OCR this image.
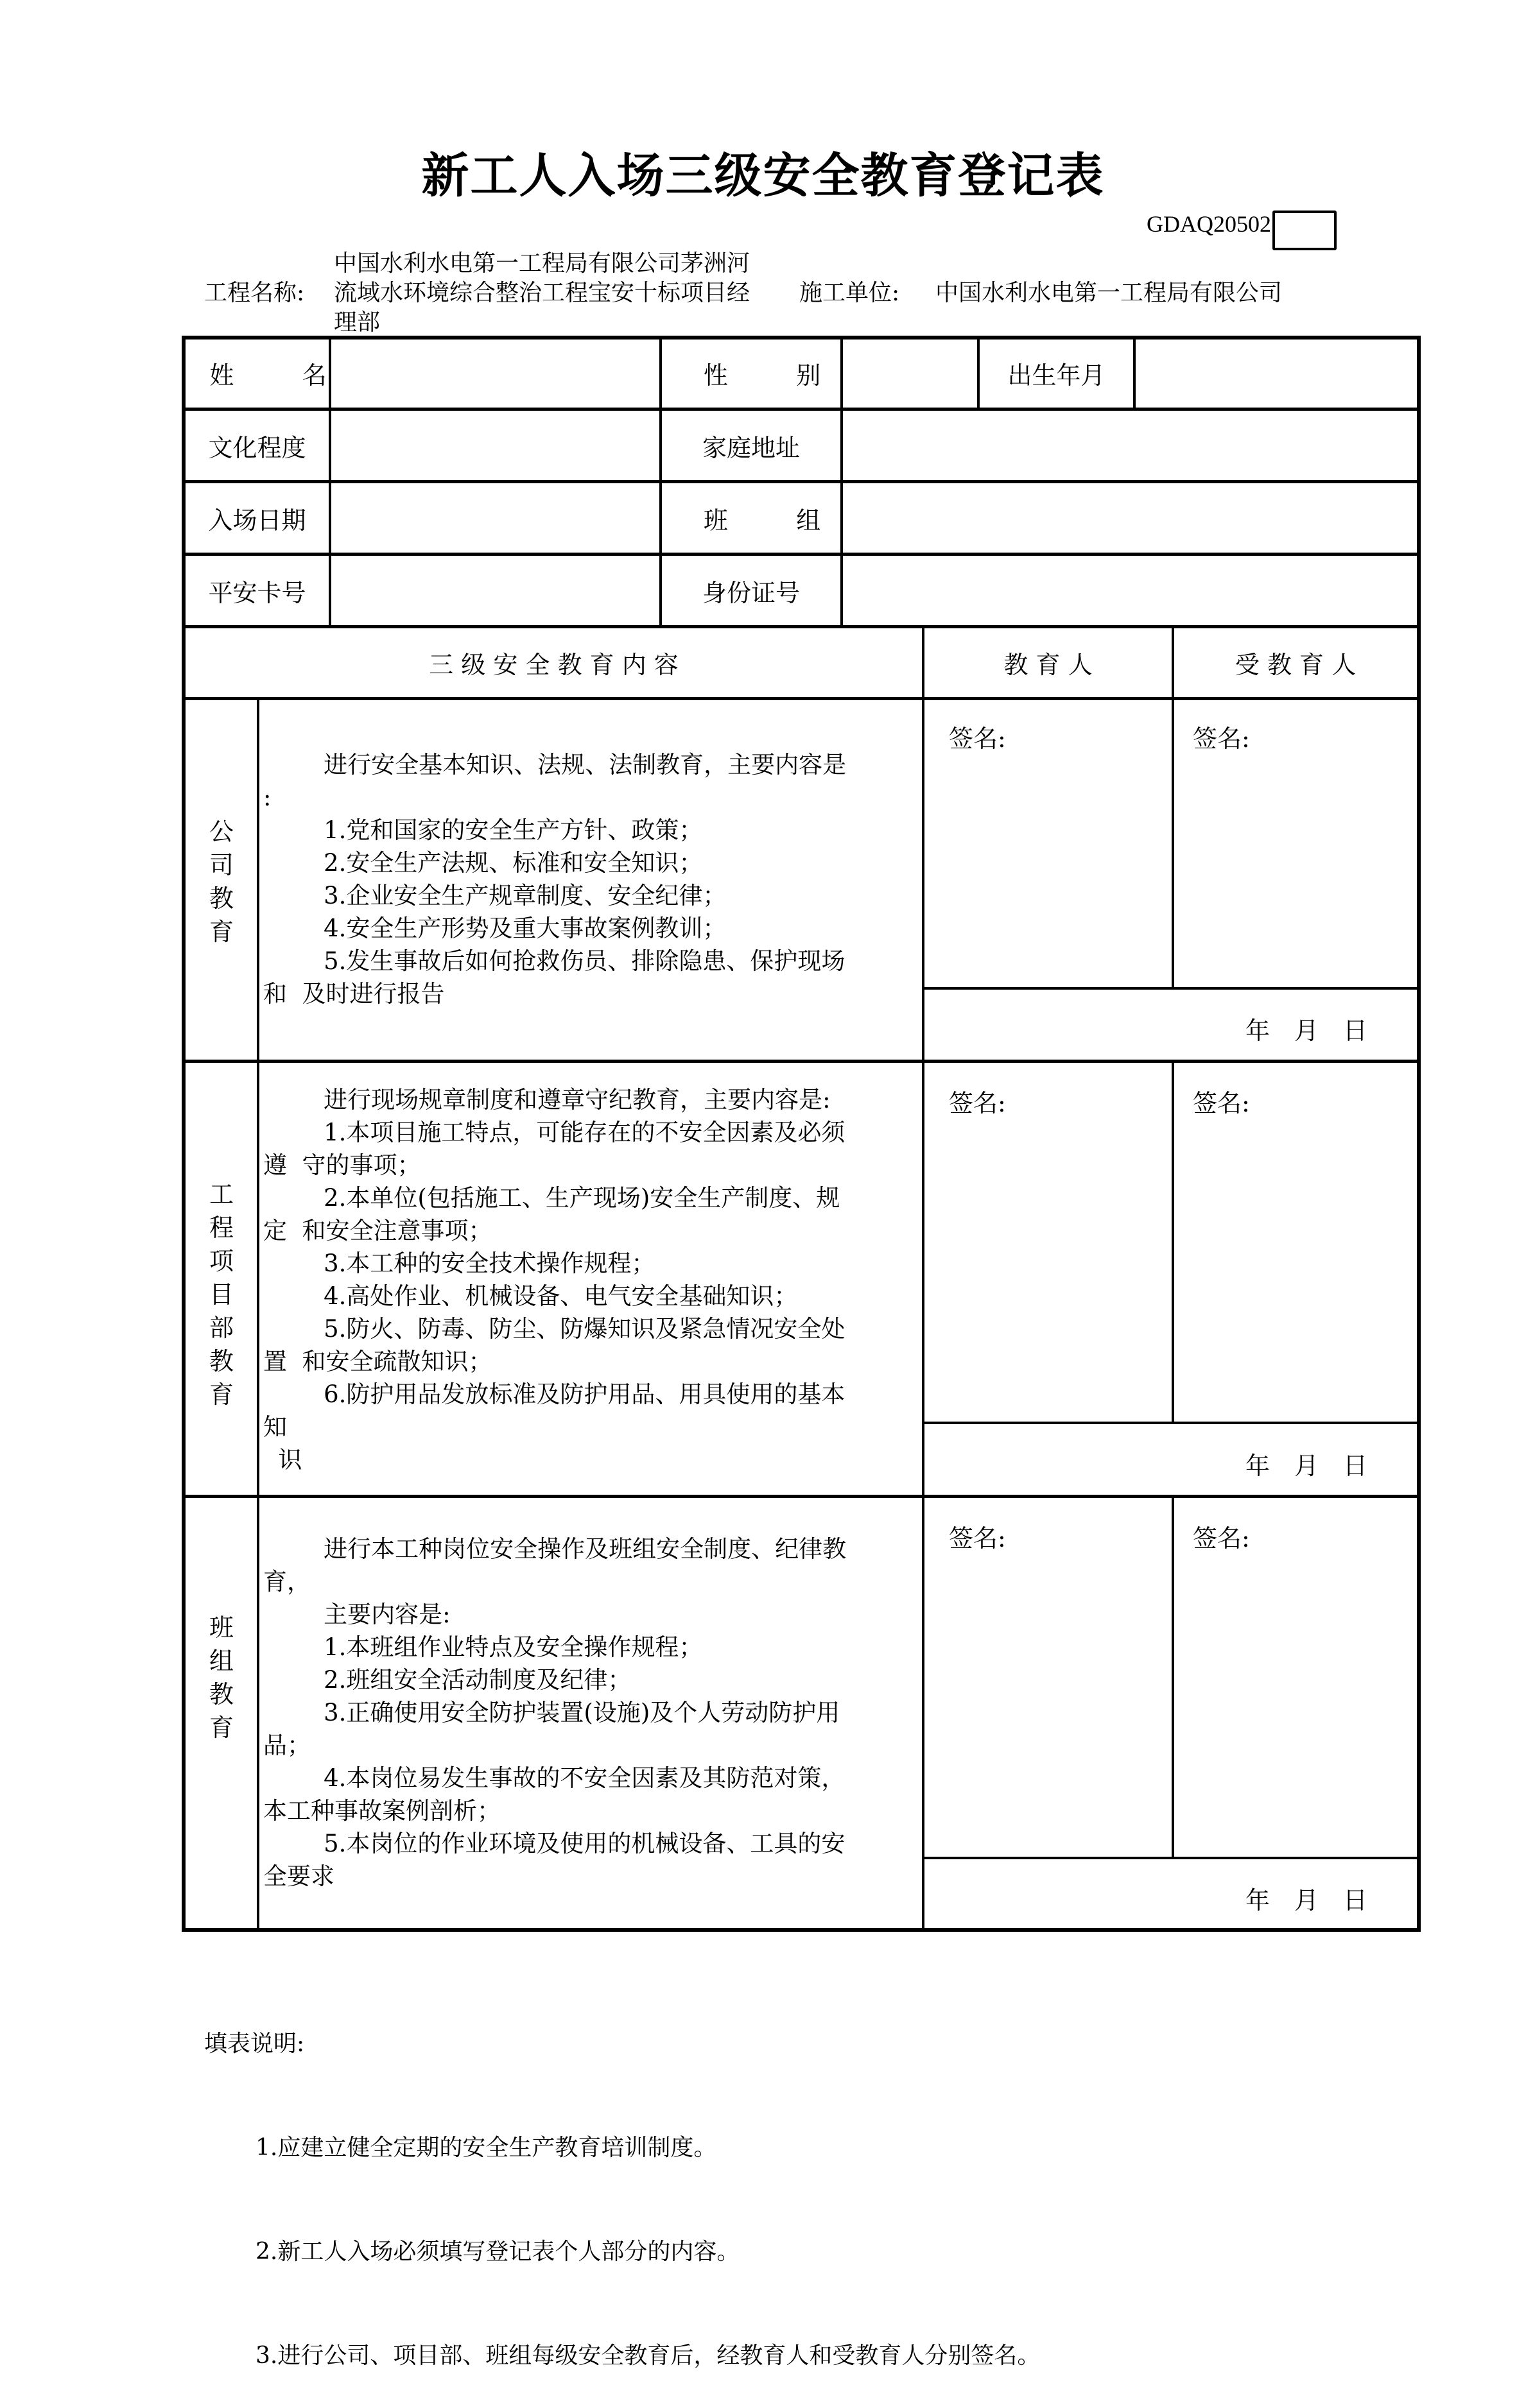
新工人入场三级安全教育登记表
GDAQ20502
工程名称:
中国水利水电第一工程局有限公司茅洲河
流域水环境综合整治工程宝安十标项目经
理部
施工单位: 中国水利水电第一工程局有限公司
姓　名	性　别	出生年月
文化程度	家庭地址
入场日期	班　组
平安卡号	身份证号
三 级 安 全 教 育 内 容	教 育 人	受 教 育 人
公司教育
进行安全基本知识、法规、法制教育，主要内容是
:
1.党和国家的安全生产方针、政策；
2.安全生产法规、标准和安全知识；
3.企业安全生产规章制度、安全纪律；
4.安全生产形势及重大事故案例教训；
5.发生事故后如何抢救伤员、排除隐患、保护现场
和  及时进行报告
签名:	签名:
年　月　日
工程项目部教育
进行现场规章制度和遵章守纪教育，主要内容是:
1.本项目施工特点，可能存在的不安全因素及必须
遵  守的事项；
2.本单位(包括施工、生产现场)安全生产制度、规
定  和安全注意事项；
3.本工种的安全技术操作规程；
4.高处作业、机械设备、电气安全基础知识；
5.防火、防毒、防尘、防爆知识及紧急情况安全处
置  和安全疏散知识；
6.防护用品发放标准及防护用品、用具使用的基本
知
识
签名:	签名:
年　月　日
班组教育
进行本工种岗位安全操作及班组安全制度、纪律教
育，
主要内容是:
1.本班组作业特点及安全操作规程；
2.班组安全活动制度及纪律；
3.正确使用安全防护装置(设施)及个人劳动防护用
品；
4.本岗位易发生事故的不安全因素及其防范对策，
本工种事故案例剖析；
5.本岗位的作业环境及使用的机械设备、工具的安
全要求
签名:	签名:
年　月　日

填表说明:

1.应建立健全定期的安全生产教育培训制度。

2.新工人入场必须填写登记表个人部分的内容。

3.进行公司、项目部、班组每级安全教育后，经教育人和受教育人分别签名。
